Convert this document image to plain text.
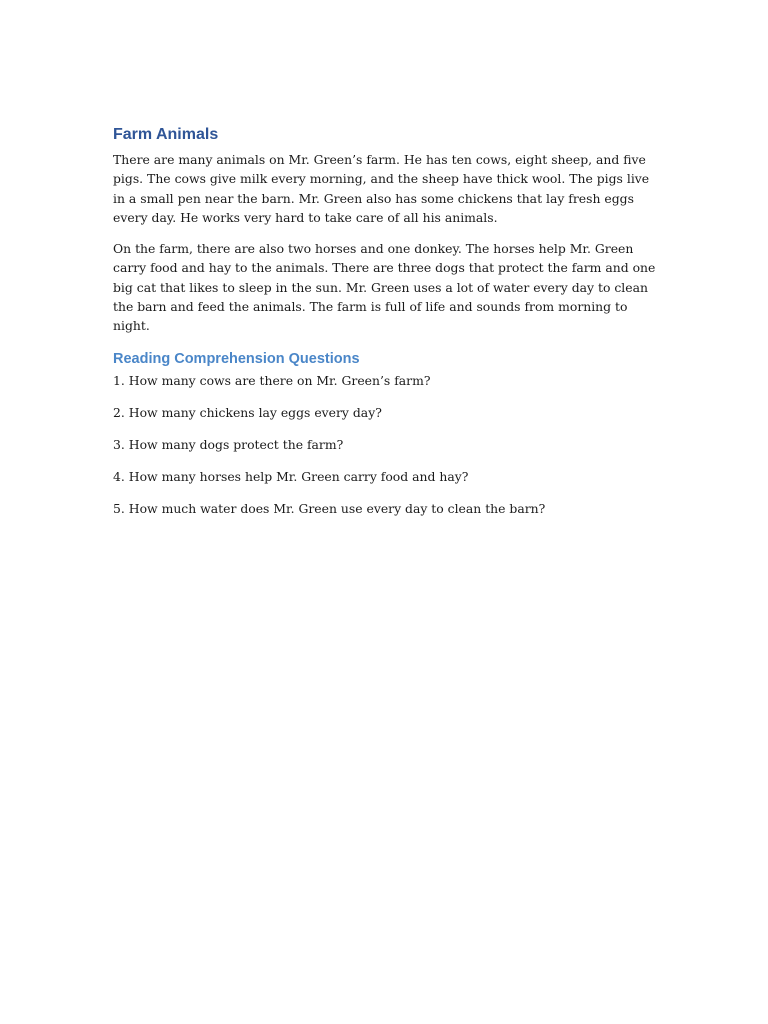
Farm Animals

There are many animals on Mr. Green’s farm. He has ten cows, eight sheep, and five pigs. The cows give milk every morning, and the sheep have thick wool. The pigs live in a small pen near the barn. Mr. Green also has some chickens that lay fresh eggs every day. He works very hard to take care of all his animals.

On the farm, there are also two horses and one donkey. The horses help Mr. Green carry food and hay to the animals. There are three dogs that protect the farm and one big cat that likes to sleep in the sun. Mr. Green uses a lot of water every day to clean the barn and feed the animals. The farm is full of life and sounds from morning to night.

Reading Comprehension Questions

1. How many cows are there on Mr. Green’s farm?

2. How many chickens lay eggs every day?

3. How many dogs protect the farm?

4. How many horses help Mr. Green carry food and hay?

5. How much water does Mr. Green use every day to clean the barn?
